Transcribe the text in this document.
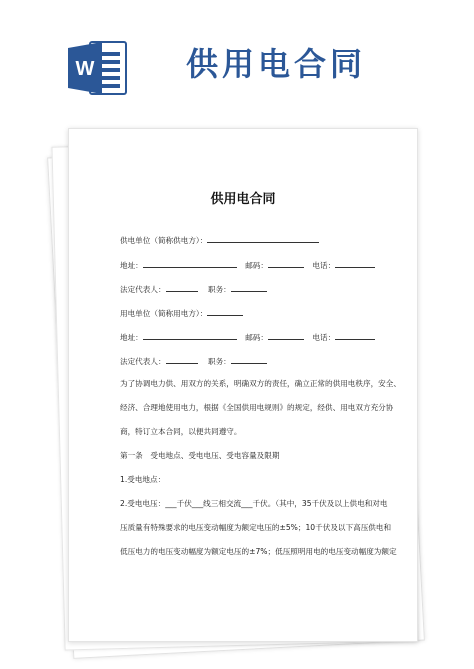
W	供用电合同
供用电合同
供电单位（简称供电方）：
地址：	邮码：	电话：
法定代表人：	职务：
用电单位（简称用电方）：
地址：	邮码：	电话：
法定代表人：	职务：
为了协调电力供、用双方的关系，明确双方的责任，确立正常的供用电秩序，安全、
经济、合理地使用电力，根据《全国供用电规则》的规定，经供、用电双方充分协
商，特订立本合同，以便共同遵守。
第一条　受电地点、受电电压、受电容量及限期
1.受电地点：
2.受电电压：___千伏___线三相交流___千伏。（其中，35千伏及以上供电和对电
压质量有特殊要求的电压变动幅度为额定电压的±5%；10千伏及以下高压供电和
低压电力的电压变动幅度为额定电压的±7%；低压照明用电的电压变动幅度为额定
